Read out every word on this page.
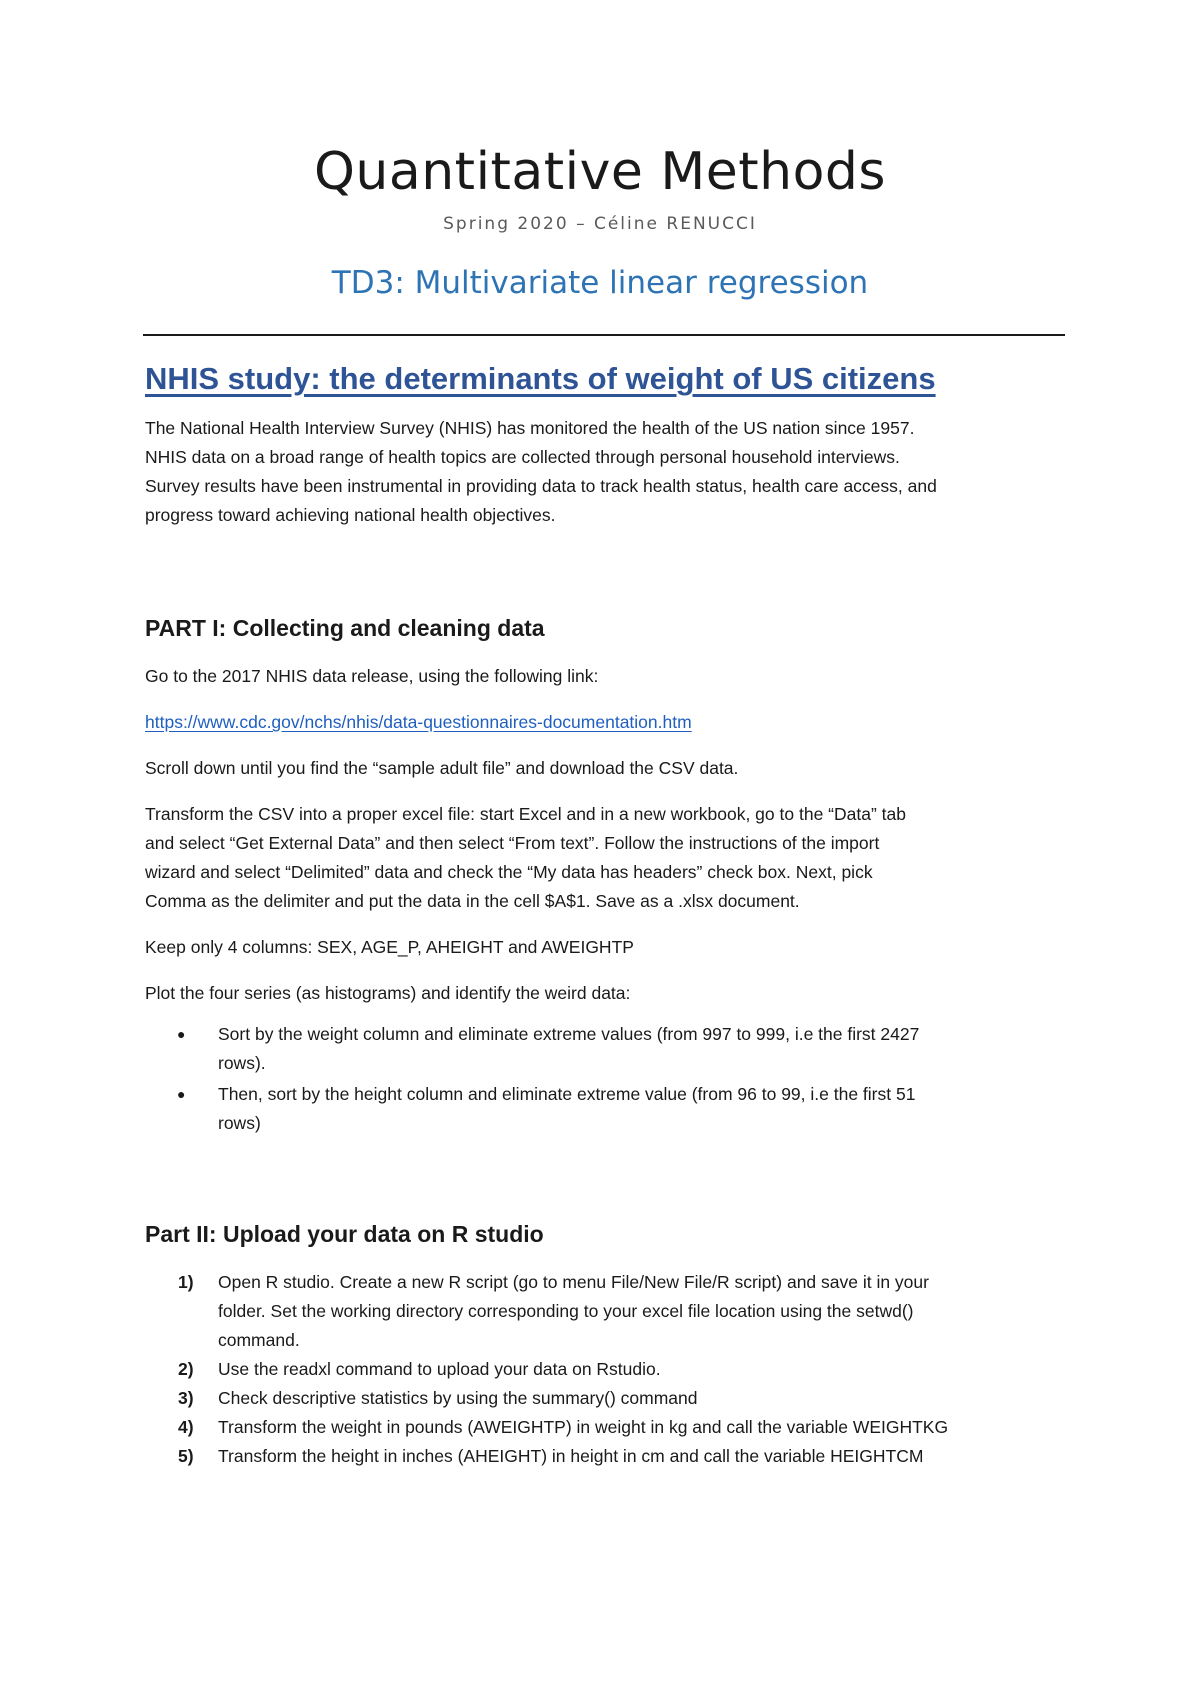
Quantitative Methods
Spring 2020 – Céline RENUCCI
TD3: Multivariate linear regression
NHIS study: the determinants of weight of US citizens
The National Health Interview Survey (NHIS) has monitored the health of the US nation since 1957.
NHIS data on a broad range of health topics are collected through personal household interviews.
Survey results have been instrumental in providing data to track health status, health care access, and
progress toward achieving national health objectives.
PART I: Collecting and cleaning data
Go to the 2017 NHIS data release, using the following link:
https://www.cdc.gov/nchs/nhis/data-questionnaires-documentation.htm
Scroll down until you find the “sample adult file” and download the CSV data.
Transform the CSV into a proper excel file: start Excel and in a new workbook, go to the “Data” tab
and select “Get External Data” and then select “From text”. Follow the instructions of the import
wizard and select “Delimited” data and check the “My data has headers” check box. Next, pick
Comma as the delimiter and put the data in the cell $A$1. Save as a .xlsx document.
Keep only 4 columns: SEX, AGE_P, AHEIGHT and AWEIGHTP
Plot the four series (as histograms) and identify the weird data:
● Sort by the weight column and eliminate extreme values (from 997 to 999, i.e the first 2427
rows).
● Then, sort by the height column and eliminate extreme value (from 96 to 99, i.e the first 51
rows)
Part II: Upload your data on R studio
1) Open R studio. Create a new R script (go to menu File/New File/R script) and save it in your
folder. Set the working directory corresponding to your excel file location using the setwd()
command.
2) Use the readxl command to upload your data on Rstudio.
3) Check descriptive statistics by using the summary() command
4) Transform the weight in pounds (AWEIGHTP) in weight in kg and call the variable WEIGHTKG
5) Transform the height in inches (AHEIGHT) in height in cm and call the variable HEIGHTCM
